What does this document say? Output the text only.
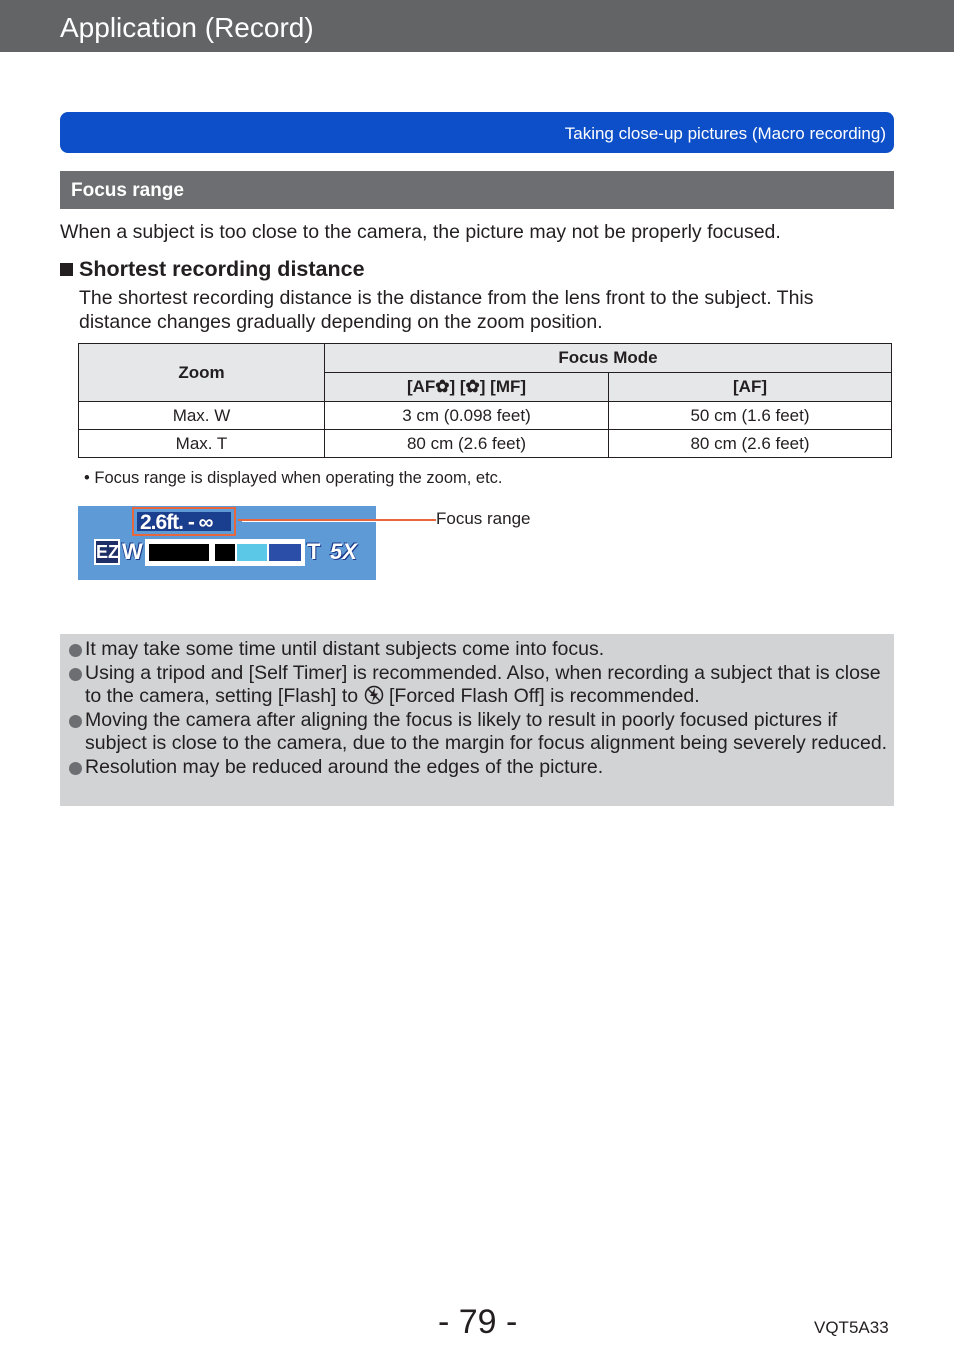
Application (Record)
Taking close-up pictures (Macro recording)
Focus range
When a subject is too close to the camera, the picture may not be properly focused.
Shortest recording distance
The shortest recording distance is the distance from the lens front to the subject. This distance changes gradually depending on the zoom position.
Zoom	Focus Mode	
	[AF✿] [✿] [MF]	[AF]
Max. W	3 cm (0.098 feet)	50 cm (1.6 feet)
Max. T	80 cm (2.6 feet)	80 cm (2.6 feet)
• Focus range is displayed when operating the zoom, etc.
2.6ft. - ∞
EZ W	T 5X
Focus range
It may take some time until distant subjects come into focus.
Using a tripod and [Self Timer] is recommended. Also, when recording a subject that is close to the camera, setting [Flash] to [Forced Flash Off] is recommended.
Moving the camera after aligning the focus is likely to result in poorly focused pictures if subject is close to the camera, due to the margin for focus alignment being severely reduced.
Resolution may be reduced around the edges of the picture.
- 79 -	VQT5A33
